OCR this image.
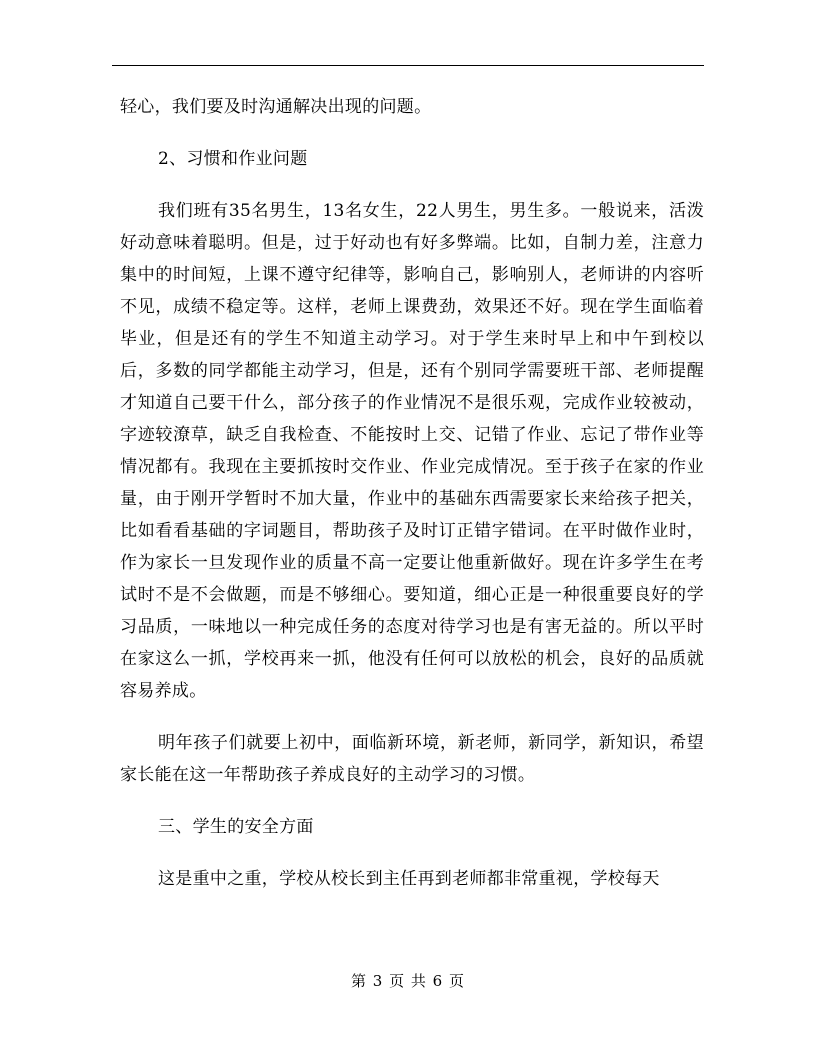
轻心，我们要及时沟通解决出现的问题。

2、习惯和作业问题

我们班有35名男生，13名女生，22人男生，男生多。一般说来，活泼好动意味着聪明。但是，过于好动也有好多弊端。比如，自制力差，注意力集中的时间短，上课不遵守纪律等，影响自己，影响别人，老师讲的内容听不见，成绩不稳定等。这样，老师上课费劲，效果还不好。现在学生面临着毕业，但是还有的学生不知道主动学习。对于学生来时早上和中午到校以后，多数的同学都能主动学习，但是，还有个别同学需要班干部、老师提醒才知道自己要干什么，部分孩子的作业情况不是很乐观，完成作业较被动，字迹较潦草，缺乏自我检查、不能按时上交、记错了作业、忘记了带作业等情况都有。我现在主要抓按时交作业、作业完成情况。至于孩子在家的作业量，由于刚开学暂时不加大量，作业中的基础东西需要家长来给孩子把关，比如看看基础的字词题目，帮助孩子及时订正错字错词。在平时做作业时，作为家长一旦发现作业的质量不高一定要让他重新做好。现在许多学生在考试时不是不会做题，而是不够细心。要知道，细心正是一种很重要良好的学习品质，一味地以一种完成任务的态度对待学习也是有害无益的。所以平时在家这么一抓，学校再来一抓，他没有任何可以放松的机会，良好的品质就容易养成。

明年孩子们就要上初中，面临新环境，新老师，新同学，新知识，希望家长能在这一年帮助孩子养成良好的主动学习的习惯。

三、学生的安全方面

这是重中之重，学校从校长到主任再到老师都非常重视，学校每天

第 3 页 共 6 页
